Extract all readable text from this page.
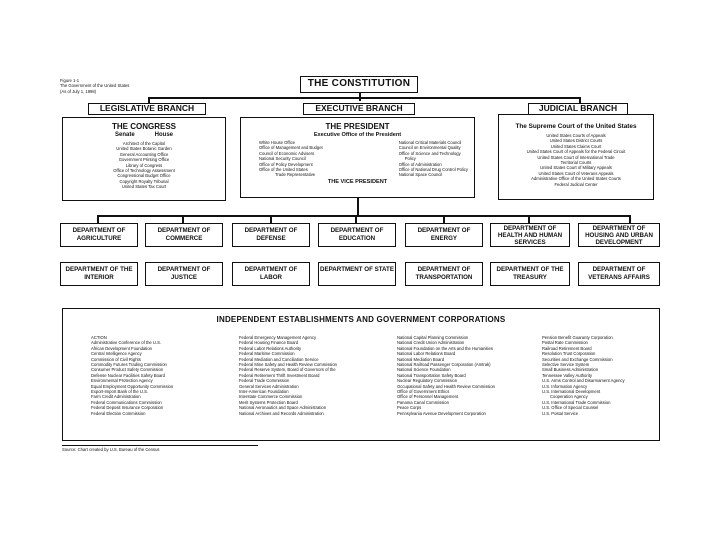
Figure 1-1
The Government of the United States
(As of July 1, 1998)
THE CONSTITUTION
LEGISLATIVE BRANCH	EXECUTIVE BRANCH	JUDICIAL BRANCH
THE CONGRESS
Senate	House
Architect of the Capitol
United States Botanic Garden
General Accounting Office
Government Printing Office
Library of Congress
Office of Technology Assessment
Congressional Budget Office
Copyright Royalty Tribunal
United States Tax Court
THE PRESIDENT
Executive Office of the President
White House Office
Office of Management and Budget
Council of Economic Advisers
National Security Council
Office of Policy Development
Office of the United States
Trade Representative
National Critical Materials Council
Council on Environmental Quality
Office of Science and Technology
Policy
Office of Administration
Office of National Drug Control Policy
National Space Council
THE VICE PRESIDENT
The Supreme Court of the United States
United States Courts of Appeals
United States District Courts
United States Claims Court
United States Court of Appeals for the Federal Circuit
United States Court of International Trade
Territorial Courts
United States Court of Military Appeals
United States Court of Veterans Appeals
Administrative Office of the United States Courts
Federal Judicial Center
DEPARTMENT OF AGRICULTURE
DEPARTMENT OF COMMERCE
DEPARTMENT OF DEFENSE
DEPARTMENT OF EDUCATION
DEPARTMENT OF ENERGY
DEPARTMENT OF HEALTH AND HUMAN SERVICES
DEPARTMENT OF HOUSING AND URBAN DEVELOPMENT
DEPARTMENT OF THE INTERIOR
DEPARTMENT OF JUSTICE
DEPARTMENT OF LABOR
DEPARTMENT OF STATE	DEPARTMENT OF TRANSPORTATION
DEPARTMENT OF THE TREASURY
DEPARTMENT OF VETERANS AFFAIRS
INDEPENDENT ESTABLISHMENTS AND GOVERNMENT CORPORATIONS
ACTION
Administrative Conference of the U.S.
African Development Foundation
Central Intelligence Agency
Commission of Civil Rights
Commodity Futures Trading Commission
Consumer Product Safety Commission
Defense Nuclear Facilities Safety Board
Environmental Protection Agency
Equal Employment Opportunity Commission
Export-Import Bank of the U.S.
Farm Credit Administration
Federal Communications Commission
Federal Deposit Insurance Corporation
Federal Election Commission
Federal Emergency Management Agency
Federal Housing Finance Board
Federal Labor Relations Authority
Federal Maritime Commission
Federal Mediation and Conciliation Service
Federal Mine Safety and Health Review Commission
Federal Reserve System, Board of Governors of the
Federal Retirement Thrift Investment Board
Federal Trade Commission
General Services Administration
Inter-American Foundation
Interstate Commerce Commission
Merit Systems Protection Board
National Aeronautics and Space Administration
National Archives and Records Administration
National Capital Planning Commission
National Credit Union Administration
National Foundation on the Arts and the Humanities
National Labor Relations Board
National Mediation Board
National Railroad Passenger Corporation (Amtrak)
National Science Foundation
National Transportation Safety Board
Nuclear Regulatory Commission
Occupational Safety and Health Review Commission
Office of Government Ethics
Office of Personnel Management
Panama Canal Commission
Peace Corps
Pennsylvania Avenue Development Corporation
Pension Benefit Guaranty Corporation
Postal Rate Commission
Railroad Retirement Board
Resolution Trust Corporation
Securities and Exchange Commission
Selective Service System
Small Business Administration
Tennessee Valley Authority
U.S. Arms Control and Disarmament Agency
U.S. Information Agency
U.S. International Development
Cooperation Agency
U.S. International Trade Commission
U.S. Office of Special Counsel
U.S. Postal Service
Source: Chart created by U.S. Bureau of the Census
